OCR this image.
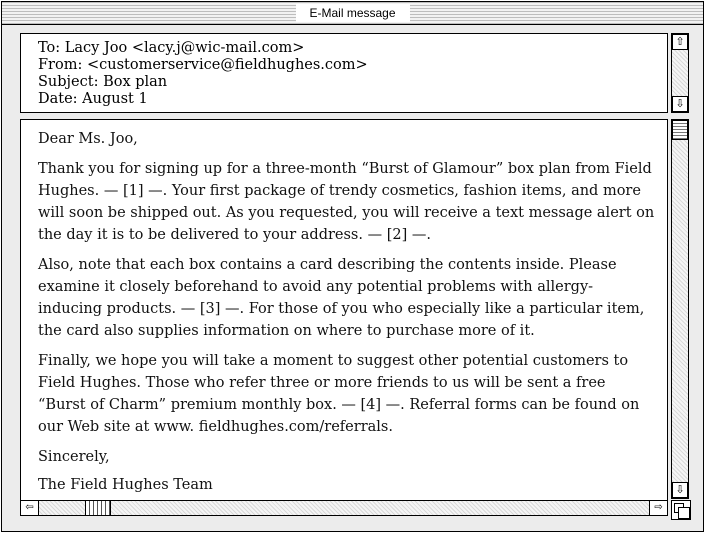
E-Mail message
To: Lacy Joo <lacy.j@wic-mail.com>
From: <customerservice@fieldhughes.com>
Subject: Box plan
Date: August 1
⇧
⇩

Dear Ms. Joo,

Thank you for signing up for a three-month “Burst of Glamour” box plan from Field Hughes. — [1] —. Your first package of trendy cosmetics, fashion items, and more will soon be shipped out. As you requested, you will receive a text message alert on the day it is to be delivered to your address. — [2] —.

Also, note that each box contains a card describing the contents inside. Please examine it closely beforehand to avoid any potential problems with allergy-inducing products. — [3] —. For those of you who especially like a particular item, the card also supplies information on where to purchase more of it.

Finally, we hope you will take a moment to suggest other potential customers to Field Hughes. Those who refer three or more friends to us will be sent a free “Burst of Charm” premium monthly box. — [4] —. Referral forms can be found on our Web site at www. fieldhughes.com/referrals.

Sincerely,

The Field Hughes Team	⇩
⇦	⇨
